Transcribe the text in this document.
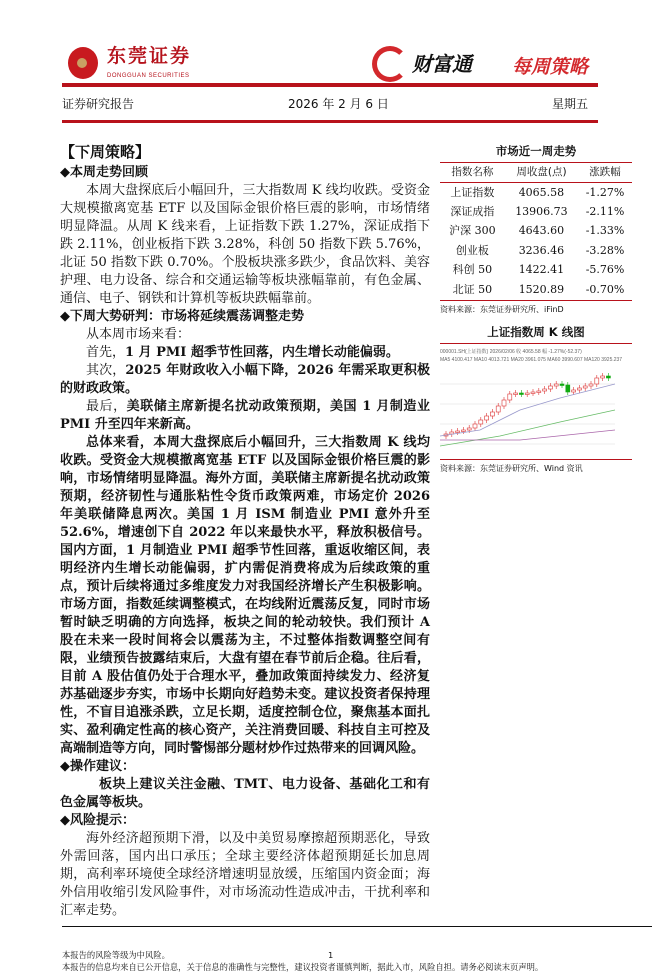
东莞证券
DONGGUAN SECURITIES	财富通 每周策略
证券研究报告	2026 年 2 月 6 日	星期五
【下周策略】
◆本周走势回顾

本周大盘探底后小幅回升，三大指数周 K 线均收跌。受资金大规模撤离宽基 ETF 以及国际金银价格巨震的影响，市场情绪明显降温。从周 K 线来看，上证指数下跌 1.27%，深证成指下跌 2.11%，创业板指下跌 3.28%，科创 50 指数下跌 5.76%，北证 50 指数下跌 0.70%。个股板块涨多跌少，食品饮料、美容护理、电力设备、综合和交通运输等板块涨幅靠前，有色金属、通信、电子、钢铁和计算机等板块跌幅靠前。

◆下周大势研判：市场将延续震荡调整走势

从本周市场来看：

首先，1 月 PMI 超季节性回落，内生增长动能偏弱。

其次，2025 年财政收入小幅下降，2026 年需采取更积极的财政政策。

最后，美联储主席新提名扰动政策预期，美国 1 月制造业 PMI 升至四年来新高。

总体来看，本周大盘探底后小幅回升，三大指数周 K 线均收跌。受资金大规模撤离宽基 ETF 以及国际金银价格巨震的影响，市场情绪明显降温。海外方面，美联储主席新提名扰动政策预期，经济韧性与通胀粘性令货币政策两难，市场定价 2026 年美联储降息两次。美国 1 月 ISM 制造业 PMI 意外升至 52.6%，增速创下自 2022 年以来最快水平，释放积极信号。国内方面，1 月制造业 PMI 超季节性回落，重返收缩区间，表明经济内生增长动能偏弱，扩内需促消费将成为后续政策的重点，预计后续将通过多维度发力对我国经济增长产生积极影响。市场方面，指数延续调整模式，在均线附近震荡反复，同时市场暂时缺乏明确的方向选择，板块之间的轮动较快。我们预计 A 股在未来一段时间将会以震荡为主，不过整体指数调整空间有限，业绩预告披露结束后，大盘有望在春节前后企稳。往后看，目前 A 股估值仍处于合理水平，叠加政策面持续发力、经济复苏基础逐步夯实，市场中长期向好趋势未变。建议投资者保持理性，不盲目追涨杀跌，立足长期，适度控制仓位，聚焦基本面扎实、盈利确定性高的核心资产，关注消费回暖、科技自主可控及高端制造等方向，同时警惕部分题材炒作过热带来的回调风险。

◆操作建议：

板块上建议关注金融、TMT、电力设备、基础化工和有色金属等板块。

◆风险提示：

海外经济超预期下滑，以及中美贸易摩擦超预期恶化，导致外需回落，国内出口承压；全球主要经济体超预期延长加息周期，高利率环境使全球经济增速明显放缓，压缩国内资金面；海外信用收缩引发风险事件，对市场流动性造成冲击，干扰利率和汇率走势。

市场近一周走势
指数名称	周收盘(点)	涨跌幅
上证指数	4065.58	-1.27%
深证成指	13906.73	-2.11%
沪深 300	4643.60	-1.33%
创业板	3236.46	-3.28%
科创 50	1422.41	-5.76%
北证 50	1520.89	-0.70%
资料来源：东莞证券研究所、iFinD
上证指数周 K 线图
000001.SH(上证指数) 2026/02/06 收 4065.58 幅 -1.27%(-52.37)
MA5 4100.417 MA10 4013.721 MA20 3961.075 MA60 3990.607 MA120 3925.237
资料来源：东莞证券研究所、Wind 资讯
本报告的风险等级为中风险。	1
本报告的信息均来自已公开信息，关于信息的准确性与完整性，建议投资者谨慎判断，据此入市，风险自担。请务必阅读末页声明。
